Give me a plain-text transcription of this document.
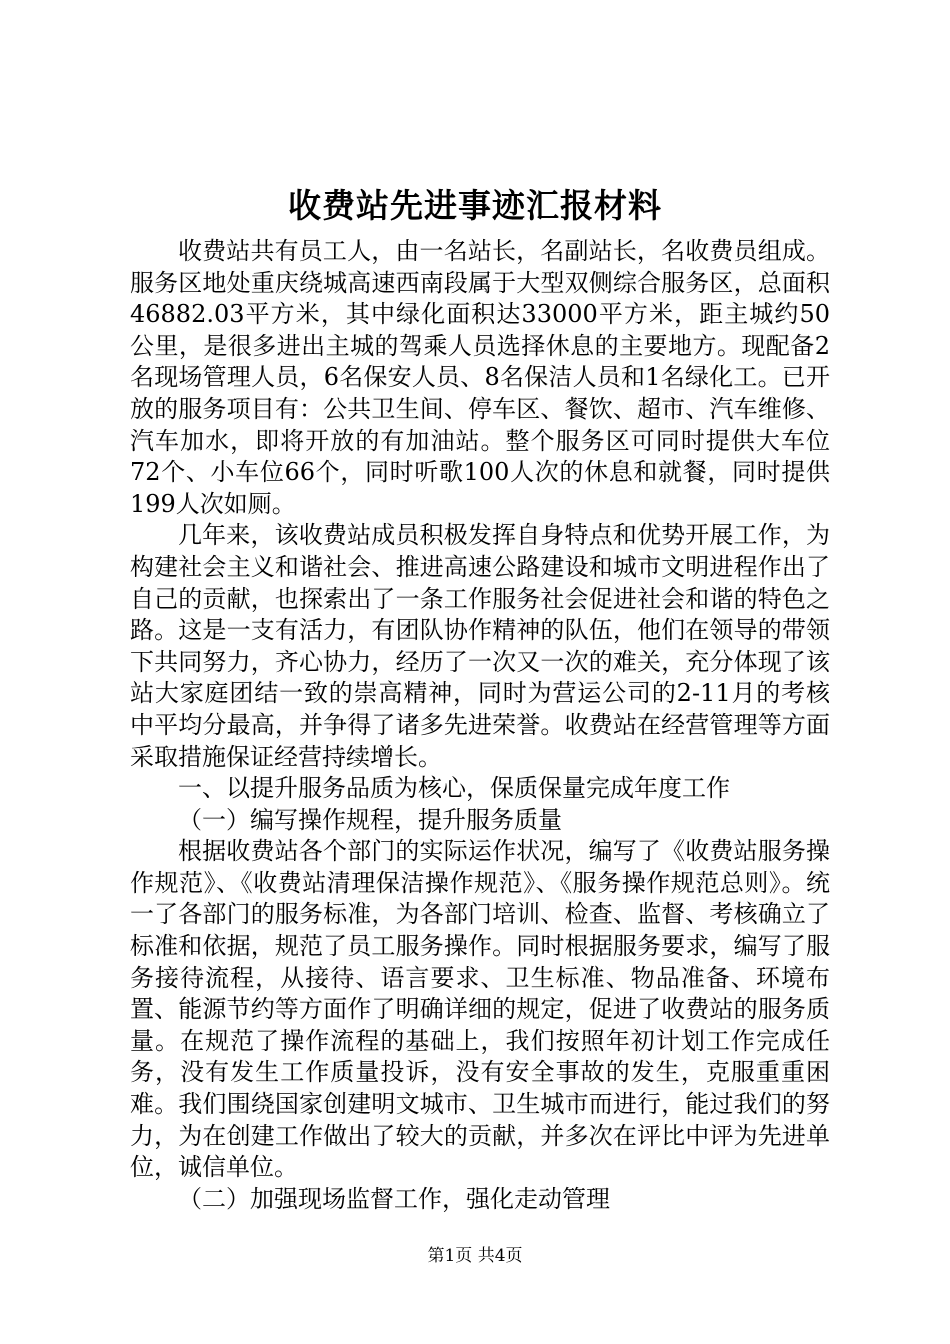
收费站先进事迹汇报材料

收费站共有员工人，由一名站长，名副站长，名收费员组成。服务区地处重庆绕城高速西南段属于大型双侧综合服务区，总面积46882.03平方米，其中绿化面积达33000平方米，距主城约50公里，是很多进出主城的驾乘人员选择休息的主要地方。现配备2名现场管理人员，6名保安人员、8名保洁人员和1名绿化工。已开放的服务项目有：公共卫生间、停车区、餐饮、超市、汽车维修、汽车加水，即将开放的有加油站。整个服务区可同时提供大车位72个、小车位66个，同时听歌100人次的休息和就餐，同时提供199人次如厕。

几年来，该收费站成员积极发挥自身特点和优势开展工作，为构建社会主义和谐社会、推进高速公路建设和城市文明进程作出了自己的贡献，也探索出了一条工作服务社会促进社会和谐的特色之路。这是一支有活力，有团队协作精神的队伍，他们在领导的带领下共同努力，齐心协力，经历了一次又一次的难关，充分体现了该站大家庭团结一致的崇高精神，同时为营运公司的2-11月的考核中平均分最高，并争得了诸多先进荣誉。收费站在经营管理等方面采取措施保证经营持续增长。

一、以提升服务品质为核心，保质保量完成年度工作

（一）编写操作规程，提升服务质量

根据收费站各个部门的实际运作状况，编写了《收费站服务操作规范》、《收费站清理保洁操作规范》、《服务操作规范总则》。统一了各部门的服务标准，为各部门培训、检查、监督、考核确立了标准和依据，规范了员工服务操作。同时根据服务要求，编写了服务接待流程，从接待、语言要求、卫生标准、物品准备、环境布置、能源节约等方面作了明确详细的规定，促进了收费站的服务质量。在规范了操作流程的基础上，我们按照年初计划工作完成任务，没有发生工作质量投诉，没有安全事故的发生，克服重重困难。我们围绕国家创建明文城市、卫生城市而进行，能过我们的努力，为在创建工作做出了较大的贡献，并多次在评比中评为先进单位，诚信单位。

（二）加强现场监督工作，强化走动管理

第1页 共4页
